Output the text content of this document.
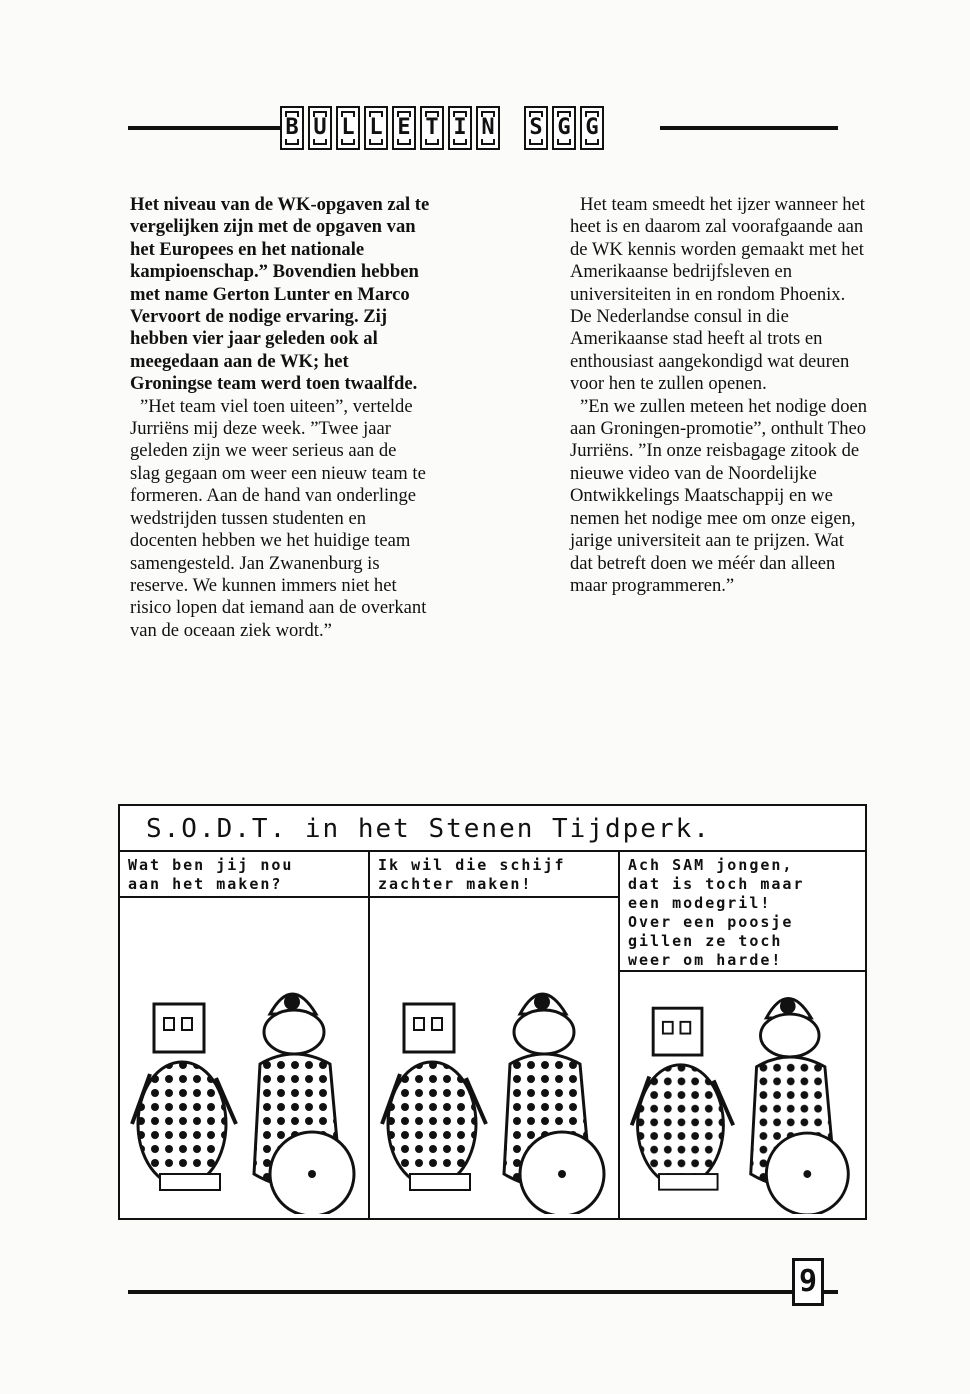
B U L L E T I N S G G

Het niveau van de WK-opgaven zal te vergelijken zijn met de opgaven van het Europees en het nationale kampioenschap.” Bovendien hebben met name Gerton Lunter en Marco Vervoort de nodige ervaring. Zij hebben vier jaar geleden ook al meegedaan aan de WK; het Groningse team werd toen twaalfde.

”Het team viel toen uiteen”, vertelde Jurriëns mij deze week. ”Twee jaar geleden zijn we weer serieus aan de slag gegaan om weer een nieuw team te formeren. Aan de hand van onderlinge wedstrijden tussen studenten en docenten hebben we het huidige team samengesteld. Jan Zwanenburg is reserve. We kunnen immers niet het risico lopen dat iemand aan de overkant van de oceaan ziek wordt.”

Het team smeedt het ijzer wanneer het heet is en daarom zal voorafgaande aan de WK kennis worden gemaakt met het Amerikaanse bedrijfsleven en universiteiten in en rondom Phoenix. De Nederlandse consul in die Amerikaanse stad heeft al trots en enthousiast aangekondigd wat deuren voor hen te zullen openen.

”En we zullen meteen het nodige doen aan Groningen-promotie”, onthult Theo Jurriëns. ”In onze reisbagage zitook de nieuwe video van de Noordelijke Ontwikkelings Maatschappij en we nemen het nodige mee om onze eigen, jarige universiteit aan te prijzen. Wat dat betreft doen we méér dan alleen maar programmeren.”

S.O.D.T. in het Stenen Tijdperk.
Wat ben jij nou
aan het maken?
Ik wil die schijf
zachter maken!
Ach SAM jongen,
dat is toch maar
een modegril!
Over een poosje
gillen ze toch
weer om harde!
9
